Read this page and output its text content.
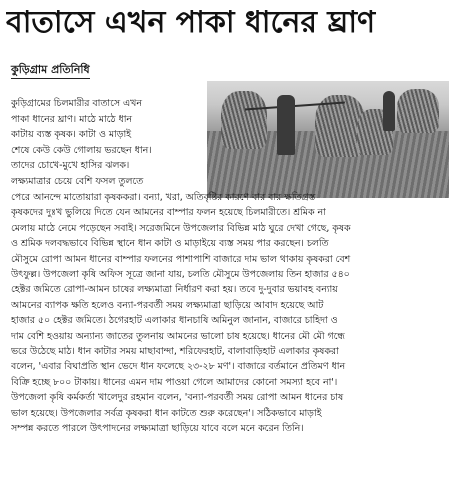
বাতাসে এখন পাকা ধানের ঘ্রাণ
কুড়িগ্রাম প্রতিনিধি
কুড়িগ্রামের চিলমারীর বাতাসে এখন
পাকা ধানের ঘ্রাণ। মাঠে মাঠে ধান
কাটায় ব্যস্ত কৃষক। কাটা ও মাড়াই
শেষে কেউ কেউ গোলায় ভরছেন ধান।
তাদের চোখে-মুখে হাসির ঝলক।
লক্ষ্যমাত্রার চেয়ে বেশি ফসল তুলতে
পেরে আনন্দে মাতোয়ারা কৃষককরা। বন্যা, খরা, অতিবৃষ্টির কারণে বার বার ক্ষতিগ্রস্ত
কৃষকদের দুঃখ ভুলিয়ে দিতে যেন আমনের বাম্পার ফলন হয়েছে চিলমারীতে। শ্রমিক না
মেলায় মাঠে নেমে পড়েছেন সবাই। সরেজমিনে উপজেলার বিভিন্ন মাঠ ঘুরে দেখা গেছে, কৃষক
ও শ্রমিক দলবদ্ধভাবে বিভিন্ন স্থানে ধান কাটা ও মাড়াইয়ে ব্যস্ত সময় পার করছেন। চলতি
মৌসুমে রোপা আমন ধানের বাম্পার ফলনের পাশাপাশি বাজারে দাম ভাল থাকায় কৃষকরা বেশ
উৎফুল্ল। উপজেলা কৃষি অফিস সূত্রে জানা যায়, চলতি মৌসুমে উপজেলায় তিন হাজার ৫৪০
হেক্টর জমিতে রোপা-আমন চাষের লক্ষ্যমাত্রা নির্ধারণ করা হয়। তবে দু-দুবার ভয়াবহ বন্যায়
আমনের ব্যাপক ক্ষতি হলেও বন্যা-পরবর্তী সময় লক্ষ্যমাত্রা ছাড়িয়ে আবাদ হয়েছে আট
হাজার ৫০ হেক্টর জমিতে। ঠগেরহাট এলাকার ধানচাষি অমিনুল জানান, বাজারে চাহিদা ও
দাম বেশি হওয়ায় অন্যান্য জাতের তুলনায় আমনের ভালো চাষ হয়েছে। ধানের মৌ মৌ গন্ধে
ভরে উঠেছে মাঠ। ধান কাটার সময় মাছাবান্দা, শরিফেরহাট, বালাবাড়িহাট এলাকার কৃষকরা
বলেন, 'এবার বিঘাপ্রতি স্থান ভেদে ধান ফলেছে ২৩-২৮ মণ'। বাজারে বর্তমানে প্রতিমণ ধান
বিক্রি হচ্ছে ৮০০ টাকায়। ধানের এমন দাম পাওয়া গেলে আমাদের কোনো সমস্যা হবে না'।
উপজেলা কৃষি কর্মকর্তা খালেদুর রহমান বলেন, 'বন্যা-পরবর্তী সময় রোপা আমন ধানের চাষ
ভাল হয়েছে। উপজেলার সর্বত্র কৃষকরা ধান কাটতে শুরু করেছেন'। সঠিকভাবে মাড়াই
সম্পন্ন করতে পারলে উৎপাদনের লক্ষ্যমাত্রা ছাড়িয়ে যাবে বলে মনে করেন তিনি।
